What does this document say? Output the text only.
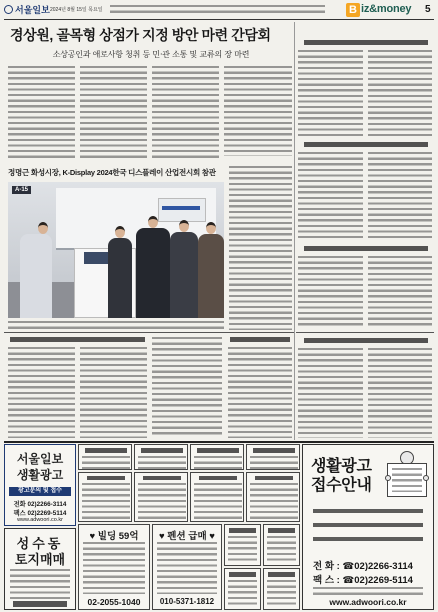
서울일보 2024년 8월 15일 목요일	B iz&money 5
경상원, 골목형 상점가 지정 방안 마련 간담회
소상공인과 애로사항 청취 등 민·관 소통 및 교류의 장 마련
정명근 화성시장, K-Display 2024한국 디스플레이 산업전시회 참관
A-15
서울일보
생활광고
광고문의 및 접수
전화 02)2266-3114
팩스 02)2269-5114
www.adwoori.co.kr
성수동
토지매매
♥ 빌딩 59억
02-2055-1040
♥ 펜션 급매 ♥
010-5371-1812
생활광고
접수안내
전 화 : ☎02)2266-3114
팩 스 : ☎02)2269-5114
www.adwoori.co.kr
